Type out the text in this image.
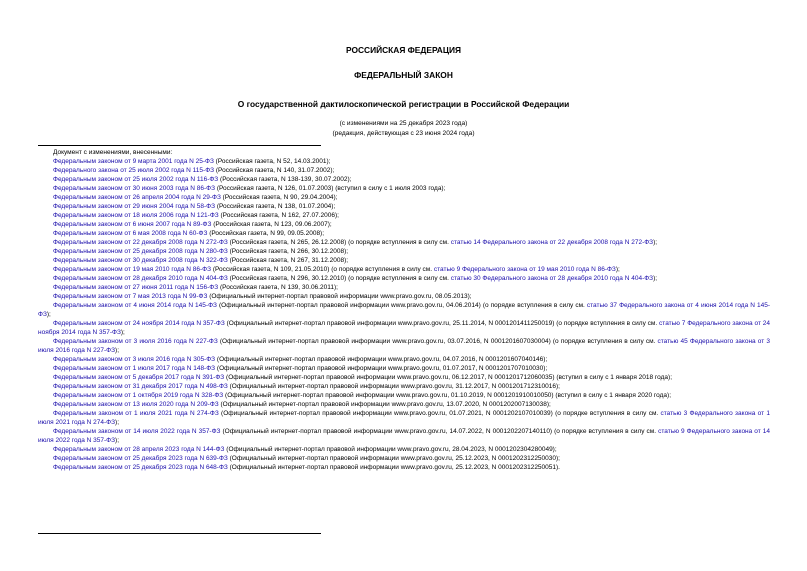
РОССИЙСКАЯ ФЕДЕРАЦИЯ
ФЕДЕРАЛЬНЫЙ ЗАКОН
О государственной дактилоскопической регистрации в Российской Федерации
(с изменениями на 25 декабря 2023 года)
(редакция, действующая с 23 июня 2024 года)
Документ с изменениями, внесенными:

Федеральным законом от 9 марта 2001 года N 25-ФЗ (Российская газета, N 52, 14.03.2001);

Федерального закона от 25 июля 2002 года N 115-ФЗ (Российская газета, N 140, 31.07.2002);

Федеральным законом от 25 июля 2002 года N 116-ФЗ (Российская газета, N 138-139, 30.07.2002);

Федеральным законом от 30 июня 2003 года N 86-ФЗ (Российская газета, N 126, 01.07.2003) (вступил в силу с 1 июля 2003 года);

Федеральным законом от 26 апреля 2004 года N 29-ФЗ (Российская газета, N 90, 29.04.2004);

Федеральным законом от 29 июня 2004 года N 58-ФЗ (Российская газета, N 138, 01.07.2004);

Федеральным законом от 18 июля 2006 года N 121-ФЗ (Российская газета, N 162, 27.07.2006);

Федеральным законом от 6 июня 2007 года N 89-ФЗ (Российская газета, N 123, 09.06.2007);

Федеральным законом от 6 мая 2008 года N 60-ФЗ (Российская газета, N 99, 09.05.2008);

Федеральным законом от 22 декабря 2008 года N 272-ФЗ (Российская газета, N 265, 26.12.2008) (о порядке вступления в силу см. статью 14 Федерального закона от 22 декабря 2008 года N 272-ФЗ);

Федеральным законом от 25 декабря 2008 года N 280-ФЗ (Российская газета, N 266, 30.12.2008);

Федеральным законом от 30 декабря 2008 года N 322-ФЗ (Российская газета, N 267, 31.12.2008);

Федеральным законом от 19 мая 2010 года N 86-ФЗ (Российская газета, N 109, 21.05.2010) (о порядке вступления в силу см. статью 9 Федерального закона от 19 мая 2010 года N 86-ФЗ);

Федеральным законом от 28 декабря 2010 года N 404-ФЗ (Российская газета, N 296, 30.12.2010) (о порядке вступления в силу см. статью 30 Федерального закона от 28 декабря 2010 года N 404-ФЗ);

Федеральным законом от 27 июня 2011 года N 156-ФЗ (Российская газета, N 139, 30.06.2011);

Федеральным законом от 7 мая 2013 года N 99-ФЗ (Официальный интернет-портал правовой информации www.pravo.gov.ru, 08.05.2013);

Федеральным законом от 4 июня 2014 года N 145-ФЗ (Официальный интернет-портал правовой информации www.pravo.gov.ru, 04.06.2014) (о порядке вступления в силу см. статью 37 Федерального закона от 4 июня 2014 года N 145-ФЗ);

Федеральным законом от 24 ноября 2014 года N 357-ФЗ (Официальный интернет-портал правовой информации www.pravo.gov.ru, 25.11.2014, N 0001201411250019) (о порядке вступления в силу см. статью 7 Федерального закона от 24 ноября 2014 года N 357-ФЗ);

Федеральным законом от 3 июля 2016 года N 227-ФЗ (Официальный интернет-портал правовой информации www.pravo.gov.ru, 03.07.2016, N 0001201607030004) (о порядке вступления в силу см. статью 45 Федерального закона от 3 июля 2016 года N 227-ФЗ);

Федеральным законом от 3 июля 2016 года N 305-ФЗ (Официальный интернет-портал правовой информации www.pravo.gov.ru, 04.07.2016, N 0001201607040146);

Федеральным законом от 1 июля 2017 года N 148-ФЗ (Официальный интернет-портал правовой информации www.pravo.gov.ru, 01.07.2017, N 0001201707010030);

Федеральным законом от 5 декабря 2017 года N 391-ФЗ (Официальный интернет-портал правовой информации www.pravo.gov.ru, 06.12.2017, N 0001201712060035) (вступил в силу с 1 января 2018 года);

Федеральным законом от 31 декабря 2017 года N 498-ФЗ (Официальный интернет-портал правовой информации www.pravo.gov.ru, 31.12.2017, N 0001201712310016);

Федеральным законом от 1 октября 2019 года N 328-ФЗ (Официальный интернет-портал правовой информации www.pravo.gov.ru, 01.10.2019, N 0001201910010050) (вступил в силу с 1 января 2020 года);

Федеральным законом от 13 июля 2020 года N 209-ФЗ (Официальный интернет-портал правовой информации www.pravo.gov.ru, 13.07.2020, N 0001202007130038);

Федеральным законом от 1 июля 2021 года N 274-ФЗ (Официальный интернет-портал правовой информации www.pravo.gov.ru, 01.07.2021, N 0001202107010039) (о порядке вступления в силу см. статью 3 Федерального закона от 1 июля 2021 года N 274-ФЗ);

Федеральным законом от 14 июля 2022 года N 357-ФЗ (Официальный интернет-портал правовой информации www.pravo.gov.ru, 14.07.2022, N 0001202207140110) (о порядке вступления в силу см. статью 9 Федерального закона от 14 июля 2022 года N 357-ФЗ);

Федеральным законом от 28 апреля 2023 года N 144-ФЗ (Официальный интернет-портал правовой информации www.pravo.gov.ru, 28.04.2023, N 0001202304280049);

Федеральным законом от 25 декабря 2023 года N 639-ФЗ (Официальный интернет-портал правовой информации www.pravo.gov.ru, 25.12.2023, N 0001202312250030);

Федеральным законом от 25 декабря 2023 года N 648-ФЗ (Официальный интернет-портал правовой информации www.pravo.gov.ru, 25.12.2023, N 0001202312250051).
